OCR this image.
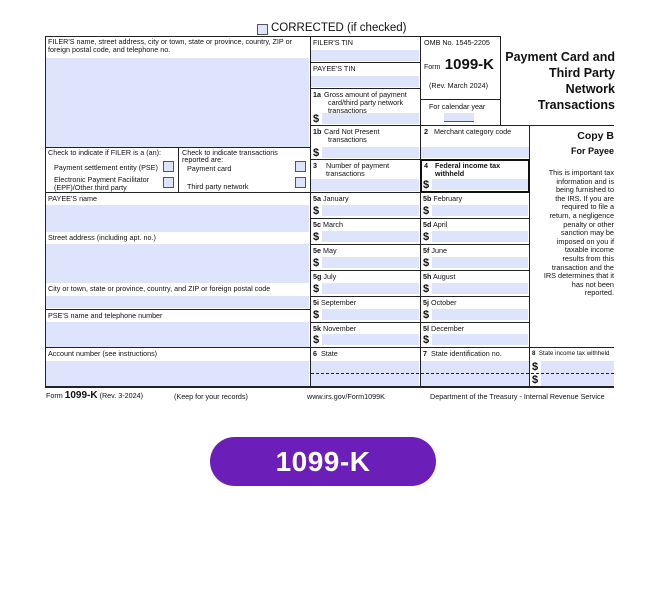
CORRECTED (if checked)
FILER'S name, street address, city or town, state or province, country, ZIP or foreign postal code, and telephone no.
FILER'S TIN
PAYEE'S TIN
1a Gross amount of payment
card/third party network
transactions
$
OMB No. 1545-2205
Form 1099-K
(Rev. March 2024)
For calendar year
Payment Card and
Third Party
Network
Transactions
1b Card Not Present
transactions
$
2 Merchant category code	Copy B
For Payee
This is important tax
information and is
being furnished to
the IRS. If you are
required to file a
return, a negligence
penalty or other
sanction may be
imposed on you if
taxable income
results from this
transaction and the
IRS determines that it
has not been
reported.
Check to indicate if FILER is a (an):
Payment settlement entity (PSE)
Electronic Payment Facilitator
(EPF)/Other third party
Check to indicate transactions
reported are:
Payment card
Third party network
3 Number of payment
transactions
4 Federal income tax
withheld
$
PAYEE'S name
Street address (including apt. no.)
City or town, state or province, country, and ZIP or foreign postal code
PSE'S name and telephone number
Account number (see instructions)
5a January
$
5b February
$
5c March
$
5d April
$
5e May
$
5f June
$
5g July
$
5h August
$
5i September
$
5j October
$
5k November
$
5l December
$
6 State	7 State identification no.	8 State income tax withheld
$
$
Form 1099-K (Rev. 3-2024)	(Keep for your records)	www.irs.gov/Form1099K	Department of the Treasury - Internal Revenue Service
1099-K
